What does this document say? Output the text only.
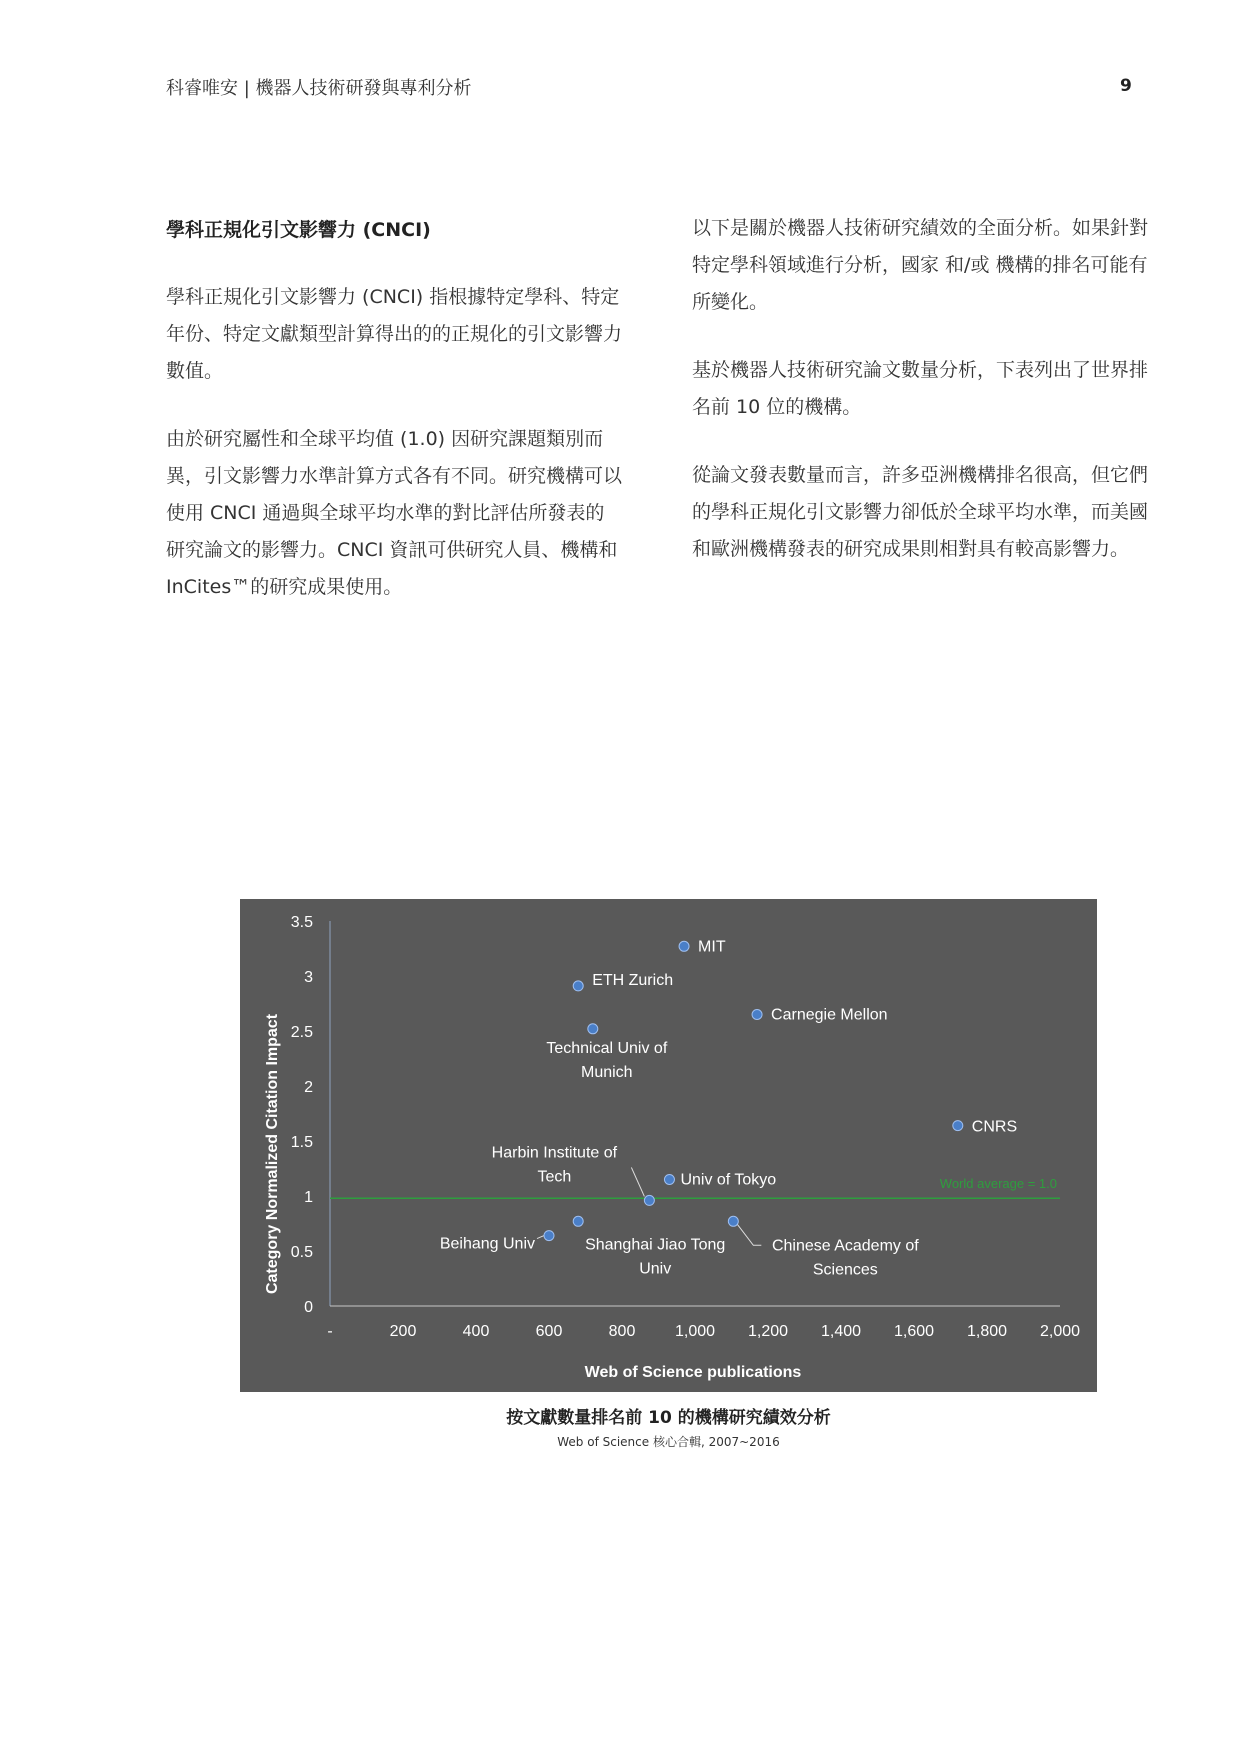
科睿唯安 | 機器人技術研發與專利分析	9
學科正規化引文影響力 (CNCI)

學科正規化引文影響力 (CNCI) 指根據特定學科、特定年份、特定文獻類型計算得出的的正規化的引文影響力數值。

由於研究屬性和全球平均值 (1.0) 因研究課題類別而異，引文影響力水準計算方式各有不同。研究機構可以使用 CNCI 通過與全球平均水準的對比評估所發表的研究論文的影響力。CNCI 資訊可供研究人員、機構和 InCites™的研究成果使用。

以下是關於機器人技術研究績效的全面分析。如果針對特定學科領域進行分析，國家 和/或 機構的排名可能有所變化。

基於機器人技術研究論文數量分析，下表列出了世界排名前 10 位的機構。

從論文發表數量而言，許多亞洲機構排名很高，但它們的學科正規化引文影響力卻低於全球平均水準，而美國和歐洲機構發表的研究成果則相對具有較高影響力。

0
0.5
1
1.5
2
2.5
3
3.5
-	200	400	600	800 1,000 1,200 1,400 1,600 1,800 2,000
World average = 1.0
MIT
ETH Zurich
Carnegie Mellon
Technical Univ of Munich
CNRS
Univ of Tokyo
Harbin Institute of Tech
Beihang Univ	Shanghai Jiao Tong Univ
Chinese Academy of Sciences
Web of Science publications
Category Normalized Citation Impact
按文獻數量排名前 10 的機構研究績效分析
Web of Science 核心合輯, 2007~2016
